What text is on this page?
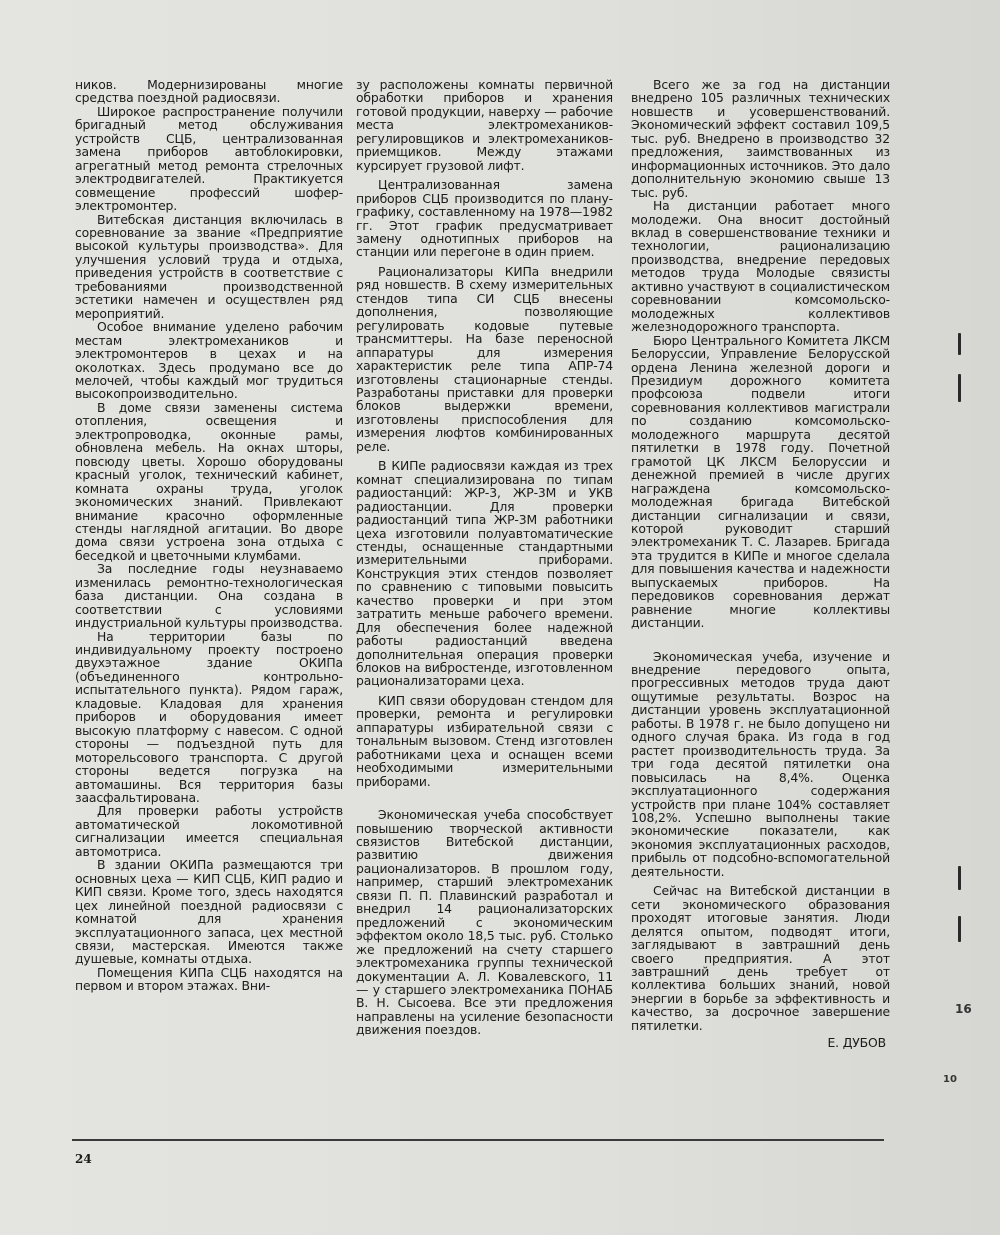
ников. Модернизированы многие средства поездной радиосвязи.

Широкое распространение получили бригадный метод обслуживания устройств СЦБ, централизованная замена приборов автоблокировки, агрегатный метод ремонта стрелочных электродвигателей. Практикуется совмещение профессий шофер-электромонтер.

Витебская дистанция включилась в соревнование за звание «Предприятие высокой культуры производства». Для улучшения условий труда и отдыха, приведения устройств в соответствие с требованиями производственной эстетики намечен и осуществлен ряд мероприятий.

Особое внимание уделено рабочим местам электромехаников и электромонтеров в цехах и на околотках. Здесь продумано все до мелочей, чтобы каждый мог трудиться высокопроизводительно.

В доме связи заменены система отопления, освещения и электропроводка, оконные рамы, обновлена мебель. На окнах шторы, повсюду цветы. Хорошо оборудованы красный уголок, технический кабинет, комната охраны труда, уголок экономических знаний. Привлекают внимание красочно оформленные стенды наглядной агитации. Во дворе дома связи устроена зона отдыха с беседкой и цветочными клумбами.

За последние годы неузнаваемо изменилась ремонтно-технологическая база дистанции. Она создана в соответствии с условиями индустриальной культуры производства.

На территории базы по индивидуальному проекту построено двухэтажное здание ОКИПа (объединенного контрольно-испытательного пункта). Рядом гараж, кладовые. Кладовая для хранения приборов и оборудования имеет высокую платформу с навесом. С одной стороны — подъездной путь для моторельсового транспорта. С другой стороны ведется погрузка на автомашины. Вся территория базы заасфальтирована.

Для проверки работы устройств автоматической локомотивной сигнализации имеется специальная автомотриса.

В здании ОКИПа размещаются три основных цеха — КИП СЦБ, КИП радио и КИП связи. Кроме того, здесь находятся цех линейной поездной радиосвязи с комнатой для хранения эксплуатационного запаса, цех местной связи, мастерская. Имеются также душевые, комнаты отдыха.

Помещения КИПа СЦБ находятся на первом и втором этажах. Вни-

зу расположены комнаты первичной обработки приборов и хранения готовой продукции, наверху — рабочие места электромехаников-регулировщиков и электромехаников-приемщиков. Между этажами курсирует грузовой лифт.

Централизованная замена приборов СЦБ производится по плану-графику, составленному на 1978—1982 гг. Этот график предусматривает замену однотипных приборов на станции или перегоне в один прием.

Рационализаторы КИПа внедрили ряд новшеств. В схему измерительных стендов типа СИ СЦБ внесены дополнения, позволяющие регулировать кодовые путевые трансмиттеры. На базе переносной аппаратуры для измерения характеристик реле типа АПР-74 изготовлены стационарные стенды. Разработаны приставки для проверки блоков выдержки времени, изготовлены приспособления для измерения люфтов комбинированных реле.

В КИПе радиосвязи каждая из трех комнат специализирована по типам радиостанций: ЖР-3, ЖР-3М и УКВ радиостанции. Для проверки радиостанций типа ЖР-3М работники цеха изготовили полуавтоматические стенды, оснащенные стандартными измерительными приборами. Конструкция этих стендов позволяет по сравнению с типовыми повысить качество проверки и при этом затратить меньше рабочего времени. Для обеспечения более надежной работы радиостанций введена дополнительная операция проверки блоков на вибростенде, изготовленном рационализаторами цеха.

КИП связи оборудован стендом для проверки, ремонта и регулировки аппаратуры избирательной связи с тональным вызовом. Стенд изготовлен работниками цеха и оснащен всеми необходимыми измерительными приборами.

Экономическая учеба способствует повышению творческой активности связистов Витебской дистанции, развитию движения рационализаторов. В прошлом году, например, старший электромеханик связи П. П. Плавинский разработал и внедрил 14 рационализаторских предложений с экономическим эффектом около 18,5 тыс. руб. Столько же предложений на счету старшего электромеханика группы технической документации А. Л. Ковалевского, 11 — у старшего электромеханика ПОНАБ В. Н. Сысоева. Все эти предложения направлены на усиление безопасности движения поездов.

Всего же за год на дистанции внедрено 105 различных технических новшеств и усовершенствований. Экономический эффект составил 109,5 тыс. руб. Внедрено в производство 32 предложения, заимствованных из информационных источников. Это дало дополнительную экономию свыше 13 тыс. руб.

На дистанции работает много молодежи. Она вносит достойный вклад в совершенствование техники и технологии, рационализацию производства, внедрение передовых методов труда Молодые связисты активно участвуют в социалистическом соревновании комсомольско-молодежных коллективов железнодорожного транспорта.

Бюро Центрального Комитета ЛКСМ Белоруссии, Управление Белорусской ордена Ленина железной дороги и Президиум дорожного комитета профсоюза подвели итоги соревнования коллективов магистрали по созданию комсомольско-молодежного маршрута десятой пятилетки в 1978 году. Почетной грамотой ЦК ЛКСМ Белоруссии и денежной премией в числе других награждена комсомольско-молодежная бригада Витебской дистанции сигнализации и связи, которой руководит старший электромеханик Т. С. Лазарев. Бригада эта трудится в КИПе и многое сделала для повышения качества и надежности выпускаемых приборов. На передовиков соревнования держат равнение многие коллективы дистанции.

Экономическая учеба, изучение и внедрение передового опыта, прогрессивных методов труда дают ощутимые результаты. Возрос на дистанции уровень эксплуатационной работы. В 1978 г. не было допущено ни одного случая брака. Из года в год растет производительность труда. За три года десятой пятилетки она повысилась на 8,4%. Оценка эксплуатационного содержания устройств при плане 104% составляет 108,2%. Успешно выполнены такие экономические показатели, как экономия эксплуатационных расходов, прибыль от подсобно-вспомогательной деятельности.

Сейчас на Витебской дистанции в сети экономического образования проходят итоговые занятия. Люди делятся опытом, подводят итоги, заглядывают в завтрашний день своего предприятия. А этот завтрашний день требует от коллектива больших знаний, новой энергии в борьбе за эффективность и качество, за досрочное завершение пятилетки.

Е. ДУБОВ

16
10
24
